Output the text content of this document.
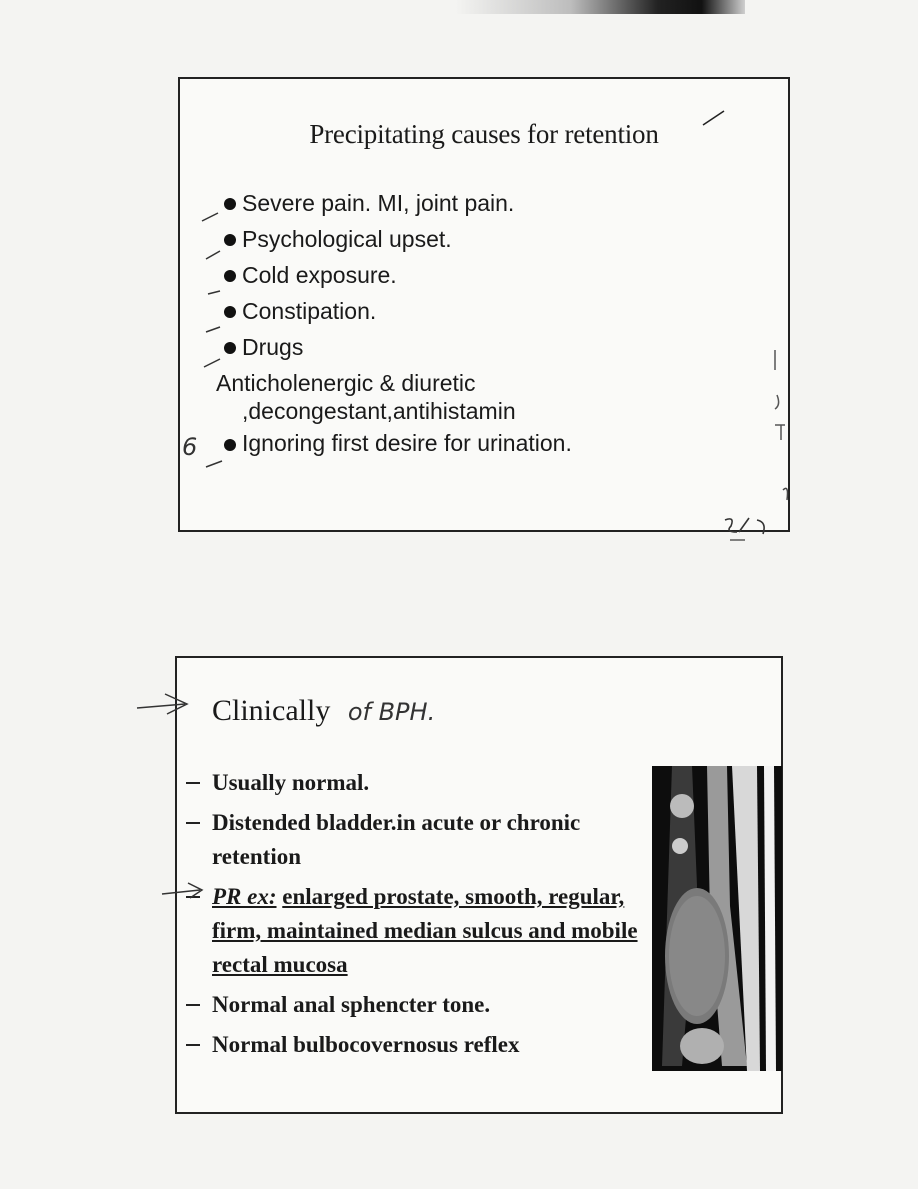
Precipitating causes for retention
Severe pain. MI, joint pain.
Psychological upset.
Cold exposure.
Constipation.
Drugs
Anticholenergic & diuretic
,decongestant,antihistamin
Ignoring first desire for urination.
6
Clinically of BPH.
Usually normal.
Distended bladder.in acute or chronic retention
PR ex: enlarged prostate, smooth, regular, firm, maintained median sulcus and mobile rectal mucosa
Normal anal sphencter tone.
Normal bulbocovernosus reflex
